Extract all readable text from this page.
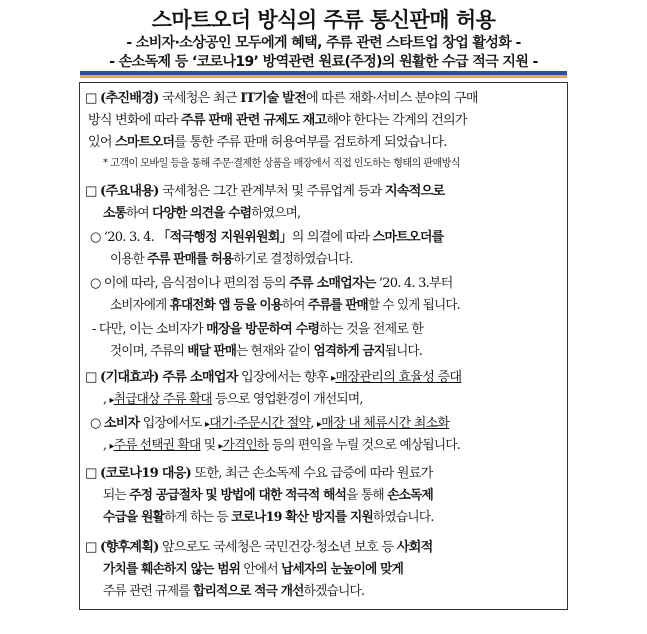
스마트오더 방식의 주류 통신판매 허용
- 소비자·소상공인 모두에게 혜택, 주류 관련 스타트업 창업 활성화 -
- 손소독제 등 ‘코로나19’ 방역관련 원료(주정)의 원활한 수급 적극 지원 -
□ (추진배경) 국세청은 최근 IT기술 발전에 따른 재화·서비스 분야의 구매
방식 변화에 따라 주류 판매 관련 규제도 재고해야 한다는 각계의 건의가
있어 스마트오더를 통한 주류 판매 허용여부를 검토하게 되었습니다.
* 고객이 모바일 등을 통해 주문·결제한 상품을 매장에서 직접 인도하는 형태의 판매방식
□ (주요내용) 국세청은 그간 관계부처 및 주류업계 등과 지속적으로
소통하여 다양한 의견을 수렴하였으며,
○ ‘20. 3. 4. 「적극행정 지원위원회」의 의결에 따라 스마트오더를
이용한 주류 판매를 허용하기로 결정하였습니다.
○ 이에 따라, 음식점이나 편의점 등의 주류 소매업자는 ’20. 4. 3.부터
소비자에게 휴대전화 앱 등을 이용하여 주류를 판매할 수 있게 됩니다.
- 다만, 이는 소비자가 매장을 방문하여 수령하는 것을 전제로 한
것이며, 주류의 배달 판매는 현재와 같이 엄격하게 금지됩니다.
□ (기대효과) 주류 소매업자 입장에서는 향후 ▸매장관리의 효율성 증대
, ▸취급대상 주류 확대 등으로 영업환경이 개선되며,
○ 소비자 입장에서도 ▸대기·주문시간 절약, ▸매장 내 체류시간 최소화
, ▸주류 선택권 확대 및 ▸가격인하 등의 편익을 누릴 것으로 예상됩니다.
□ (코로나19 대응) 또한, 최근 손소독제 수요 급증에 따라 원료가
되는 주정 공급절차 및 방법에 대한 적극적 해석을 통해 손소독제
수급을 원활하게 하는 등 코로나19 확산 방지를 지원하였습니다.
□ (향후계획) 앞으로도 국세청은 국민건강·청소년 보호 등 사회적
가치를 훼손하지 않는 범위 안에서 납세자의 눈높이에 맞게
주류 관련 규제를 합리적으로 적극 개선하겠습니다.
